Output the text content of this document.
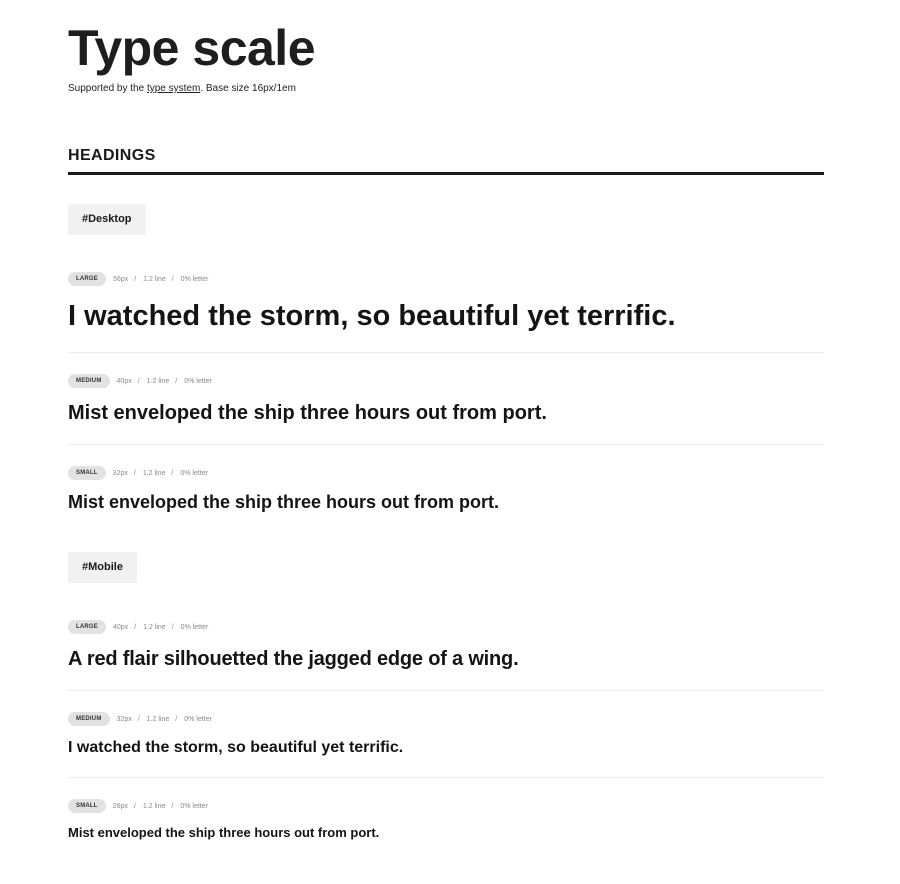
Type scale
Supported by the type system. Base size 16px/1em
HEADINGS
#Desktop
LARGE	56px / 1.2 line / 0% letter

I watched the storm, so beautiful yet terrific.

MEDIUM	40px / 1.2 line / 0% letter

Mist enveloped the ship three hours out from port.

SMALL	32px / 1.2 line / 0% letter

Mist enveloped the ship three hours out from port.

#Mobile
LARGE	40px / 1.2 line / 0% letter

A red flair silhouetted the jagged edge of a wing.

MEDIUM	32px / 1.2 line / 0% letter

I watched the storm, so beautiful yet terrific.

SMALL	26px / 1.2 line / 0% letter

Mist enveloped the ship three hours out from port.
